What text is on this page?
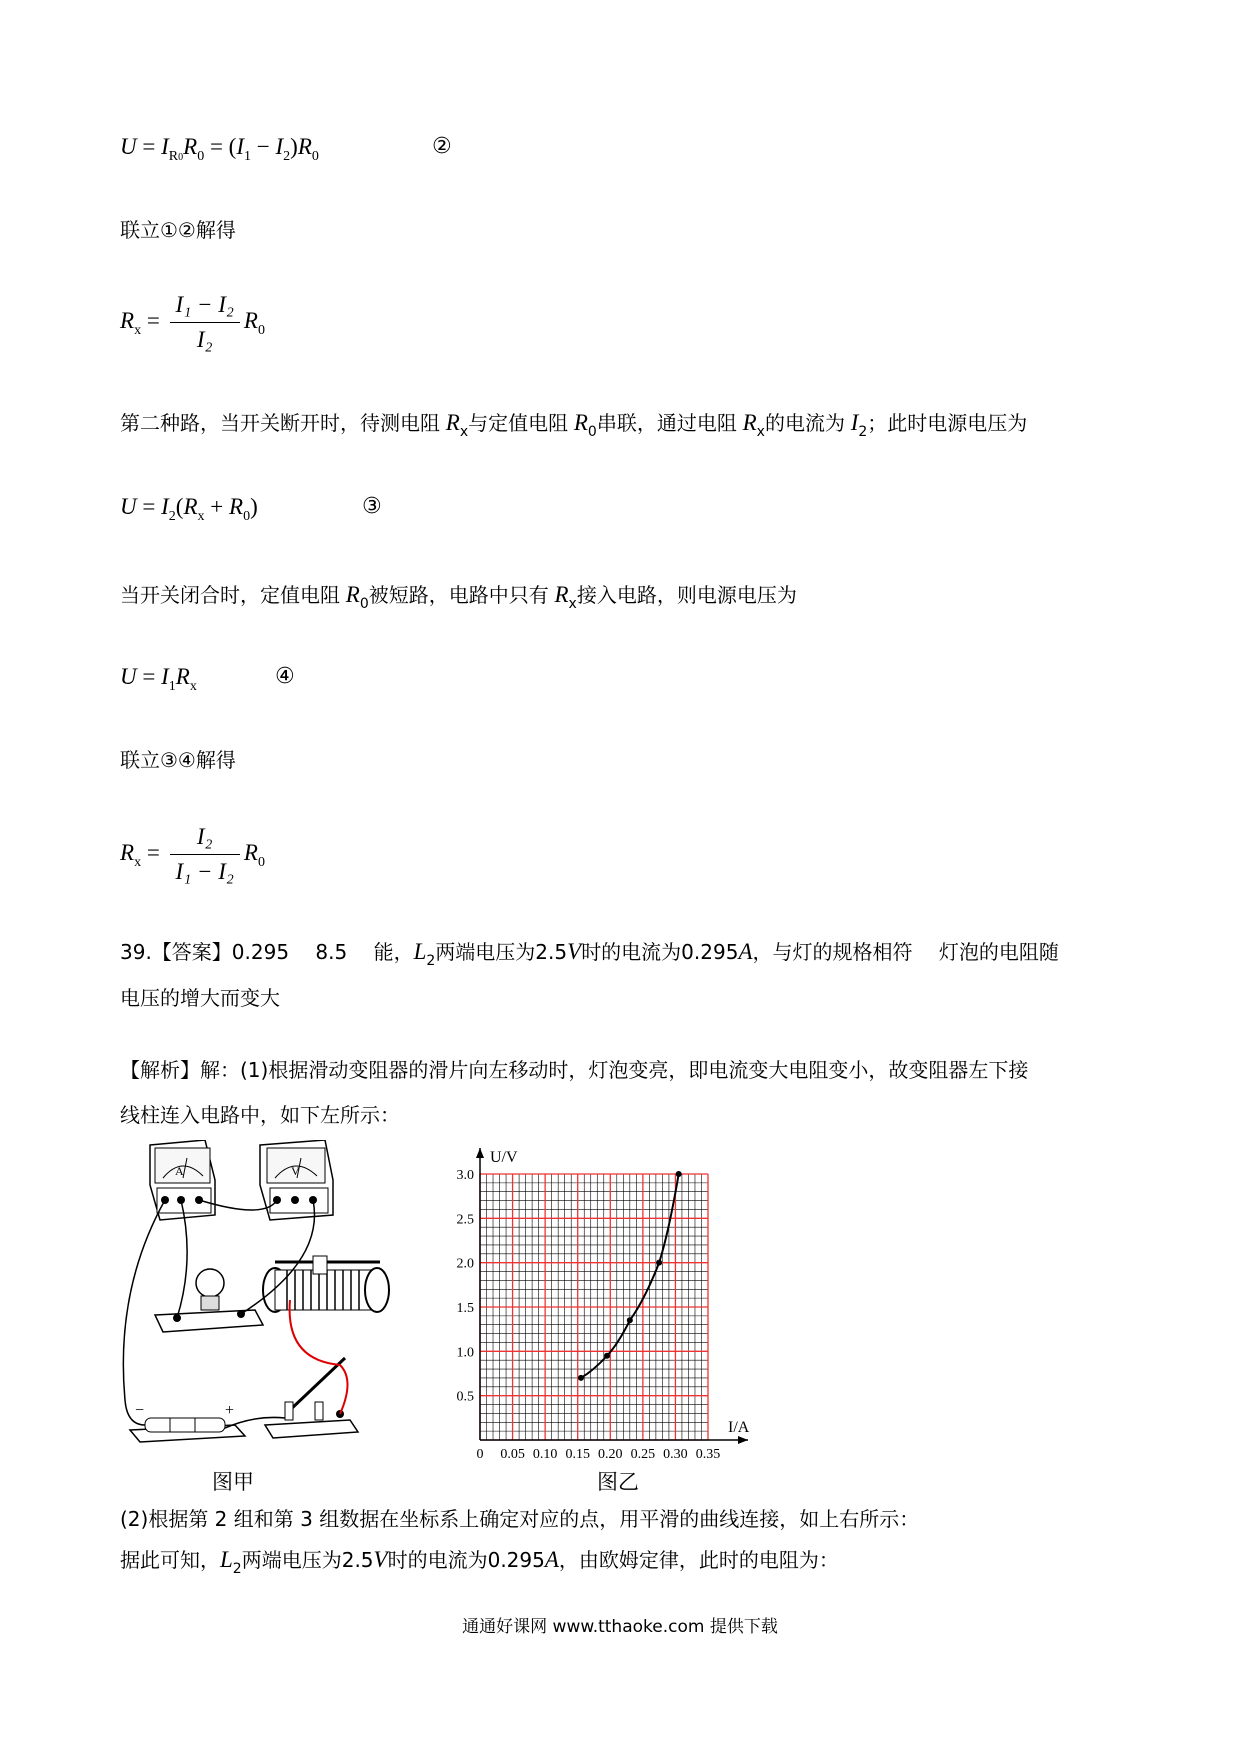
$U = I_{R0}R_0 = (I_1 - I_2)R_0$	②
联立①②解得
$R_x = \frac{\text{I₁ − I₂}}{\text{I₂}} R_0$
第二种路，当开关断开时，待测电阻 $R_x$与定值电阻 $R_0$串联，通过电阻 $R_x$的电流为 $I_2$；此时电源电压为
$U = I_2(R_x + R_0)$	③
当开关闭合时，定值电阻 $R_0$被短路，电路中只有 $R_x$接入电路，则电源电压为
$U = I_1R_x$	④
联立③④解得
$R_x = \frac{\text{I₂}}{\text{I₁ − I₂}} R_0$
39.【答案】0.295　 8.5　 能，$L_2$两端电压为2.5V时的电流为0.295A，与灯的规格相符　 灯泡的电阻随
电压的增大而变大
【解析】解：(1)根据滑动变阻器的滑片向左移动时，灯泡变亮，即电流变大电阻变小，故变阻器左下接
线柱连入电路中，如下左所示：
A	V
−	+
图甲
U/V
I/A
0 0.05 0.10 0.15 0.20 0.25 0.30 0.35
0.5
1.0
1.5
2.0
2.5
3.0
图乙
(2)根据第 2 组和第 3 组数据在坐标系上确定对应的点，用平滑的曲线连接，如上右所示：
据此可知，$L_2$两端电压为2.5V时的电流为0.295A，由欧姆定律，此时的电阻为：
通通好课网 www.tthaoke.com 提供下载
